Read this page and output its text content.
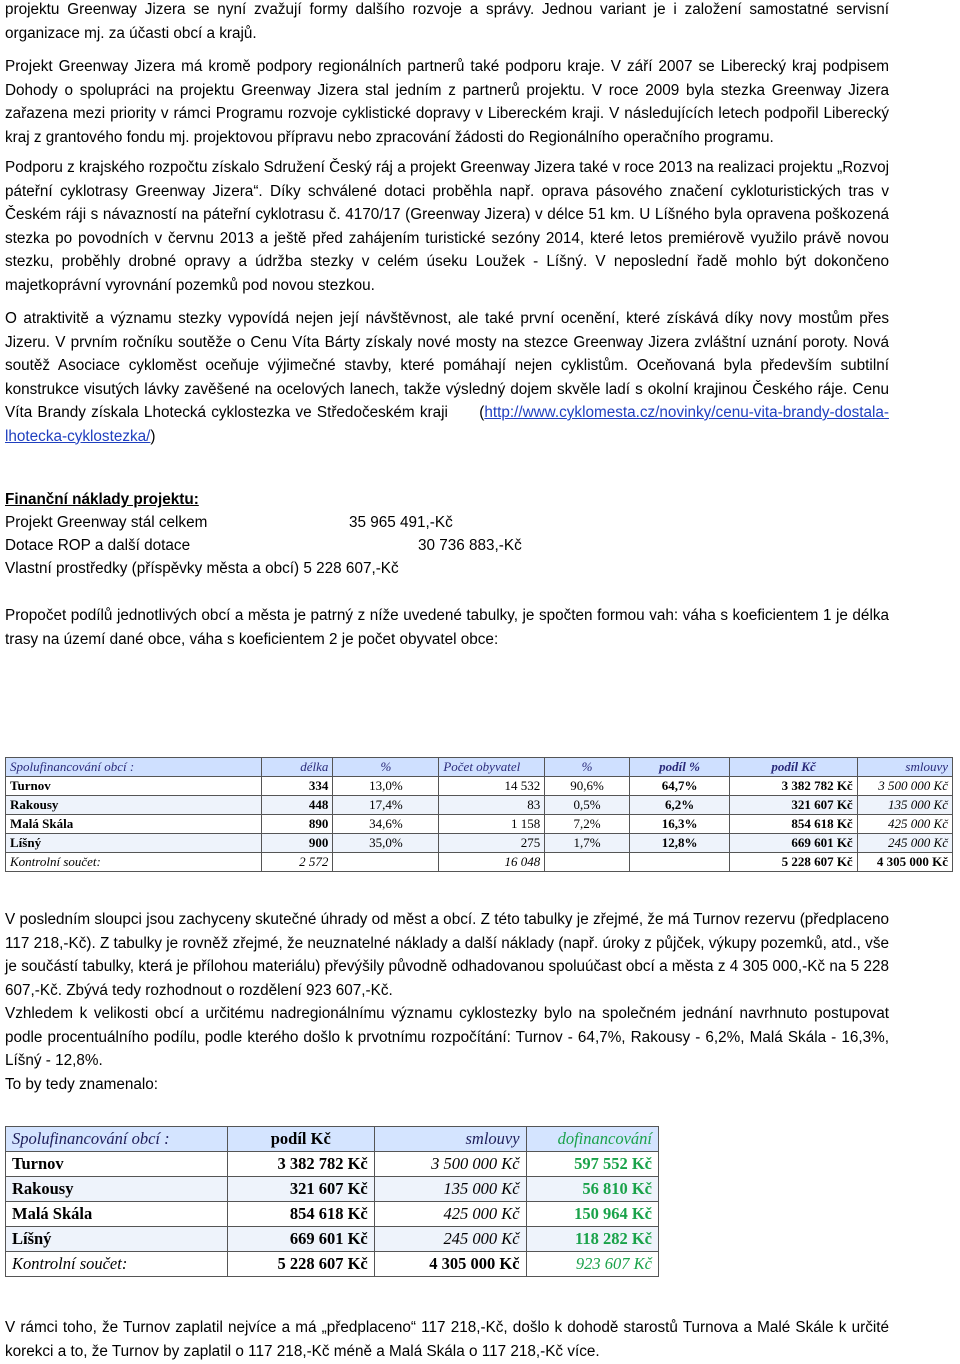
projektu Greenway Jizera se nyní zvažují formy dalšího rozvoje a správy. Jednou variant je i založení samostatné servisní organizace mj. za účasti obcí a krajů.

Projekt Greenway Jizera má kromě podpory regionálních partnerů také podporu kraje. V září 2007 se Liberecký kraj podpisem Dohody o spolupráci na projektu Greenway Jizera stal jedním z partnerů projektu. V roce 2009 byla stezka Greenway Jizera zařazena mezi priority v rámci Programu rozvoje cyklistické dopravy v Libereckém kraji. V následujících letech podpořil Liberecký kraj z grantového fondu mj. projektovou přípravu nebo zpracování žádosti do Regionálního operačního programu.

Podporu z krajského rozpočtu získalo Sdružení Český ráj a projekt Greenway Jizera také v roce 2013 na realizaci projektu „Rozvoj páteřní cyklotrasy Greenway Jizera“. Díky schválené dotaci proběhla např. oprava pásového značení cykloturistických tras v Českém ráji s návazností na páteřní cyklotrasu č. 4170/17 (Greenway Jizera) v délce 51 km. U Líšného byla opravena poškozená stezka po povodních v červnu 2013 a ještě před zahájením turistické sezóny 2014, které letos premiérově využilo právě novou stezku, proběhly drobné opravy a údržba stezky v celém úseku Loužek - Líšný. V neposlední řadě mohlo být dokončeno majetkoprávní vyrovnání pozemků pod novou stezkou.

O atraktivitě a významu stezky vypovídá nejen její návštěvnost, ale také první ocenění, které získává díky novy mostům přes Jizeru. V prvním ročníku soutěže o Cenu Víta Bárty získaly nové mosty na stezce Greenway Jizera zvláštní uznání poroty. Nová soutěž Asociace cykloměst oceňuje výjimečné stavby, které pomáhají nejen cyklistům. Oceňovaná byla především subtilní konstrukce visutých lávky zavěšené na ocelových lanech, takže výsledný dojem skvěle ladí s okolní krajinou Českého ráje. Cenu Víta Brandy získala Lhotecká cyklostezka ve Středočeském kraji      (http://www.cyklomesta.cz/novinky/cenu-vita-brandy-dostala-lhotecka-cyklostezka/)

Finanční náklady projektu:
Projekt Greenway stál celkem	35 965 491,-Kč
Dotace ROP a další dotace	30 736 883,-Kč
Vlastní prostředky (příspěvky města a obcí)
5 228 607,-Kč

Propočet podílů jednotlivých obcí a města je patrný z níže uvedené tabulky, je spočten formou vah: váha s koeficientem 1 je délka trasy na území dané obce, váha s koeficientem 2 je počet obyvatel obce:

Spolufinancování obcí :	délka	%	Počet obyvatel	%	podíl %	podíl Kč	smlouvy
Turnov	334	13,0%	14 532	90,6%	64,7%	3 382 782 Kč	3 500 000 Kč
Rakousy	448	17,4%	83	0,5%	6,2%	321 607 Kč	135 000 Kč
Malá Skála	890	34,6%	1 158	7,2%	16,3%	854 618 Kč	425 000 Kč
Líšný	900	35,0%	275	1,7%	12,8%	669 601 Kč	245 000 Kč
Kontrolní součet:	2 572		16 048			5 228 607 Kč	4 305 000 Kč

V posledním sloupci jsou zachyceny skutečné úhrady od měst a obcí. Z této tabulky je zřejmé, že má Turnov rezervu (předplaceno 117 218,-Kč). Z tabulky je rovněž zřejmé, že neuznatelné náklady a další náklady (např. úroky z půjček, výkupy pozemků, atd., vše je součástí tabulky, která je přílohou materiálu) převýšily původně odhadovanou spoluúčast obcí a města z 4 305 000,-Kč na 5 228 607,-Kč. Zbývá tedy rozhodnout o rozdělení 923 607,-Kč.

Vzhledem k velikosti obcí a určitému nadregionálnímu významu cyklostezky bylo na společném jednání navrhnuto postupovat podle procentuálního podílu, podle kterého došlo k prvotnímu rozpočítání: Turnov - 64,7%, Rakousy - 6,2%, Malá Skála - 16,3%, Líšný - 12,8%.

To by tedy znamenalo:

Spolufinancování obcí :	podíl Kč	smlouvy	dofinancování
Turnov	3 382 782 Kč	3 500 000 Kč	597 552 Kč
Rakousy	321 607 Kč	135 000 Kč	56 810 Kč
Malá Skála	854 618 Kč	425 000 Kč	150 964 Kč
Líšný	669 601 Kč	245 000 Kč	118 282 Kč
Kontrolní součet:	5 228 607 Kč	4 305 000 Kč	923 607 Kč

V rámci toho, že Turnov zaplatil nejvíce a má „předplaceno“ 117 218,-Kč, došlo k dohodě starostů Turnova a Malé Skále k určité korekci a to, že Turnov by zaplatil o 117 218,-Kč méně a Malá Skála o 117 218,-Kč více.
